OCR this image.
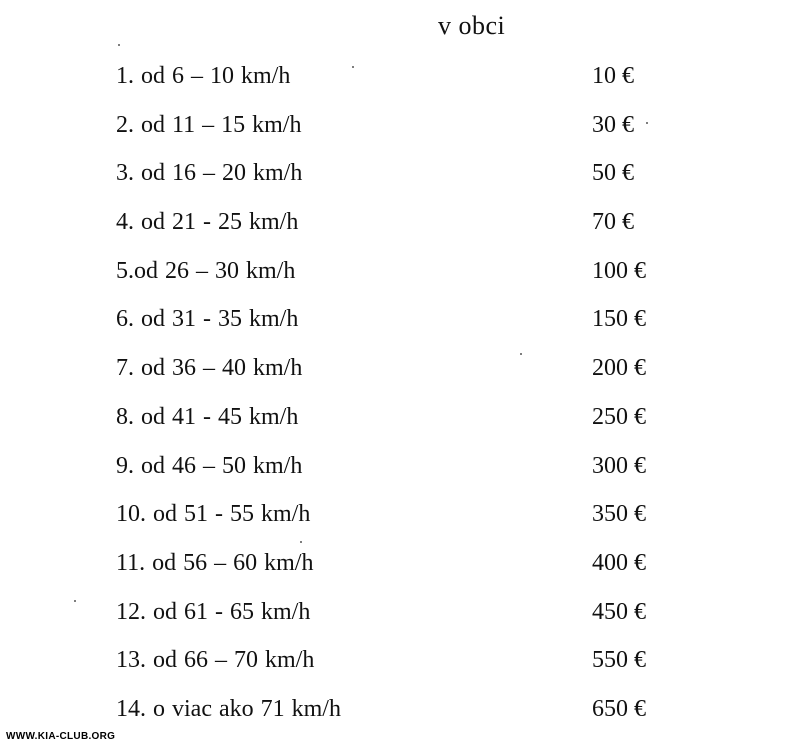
v obci
1. od 6 – 10 km/h	10 €
2. od 11 – 15 km/h	30 €
3. od 16 – 20 km/h	50 €
4. od 21 - 25 km/h	70 €
5.od 26 – 30 km/h	100 €
6. od 31 - 35 km/h	150 €
7. od 36 – 40 km/h	200 €
8. od 41 - 45 km/h	250 €
9. od 46 – 50 km/h	300 €
10. od 51 - 55 km/h	350 €
11. od 56 – 60 km/h	400 €
12. od 61 - 65 km/h	450 €
13. od 66 – 70 km/h	550 €
14. o viac ako 71 km/h	650 €
WWW.KIA-CLUB.ORG
